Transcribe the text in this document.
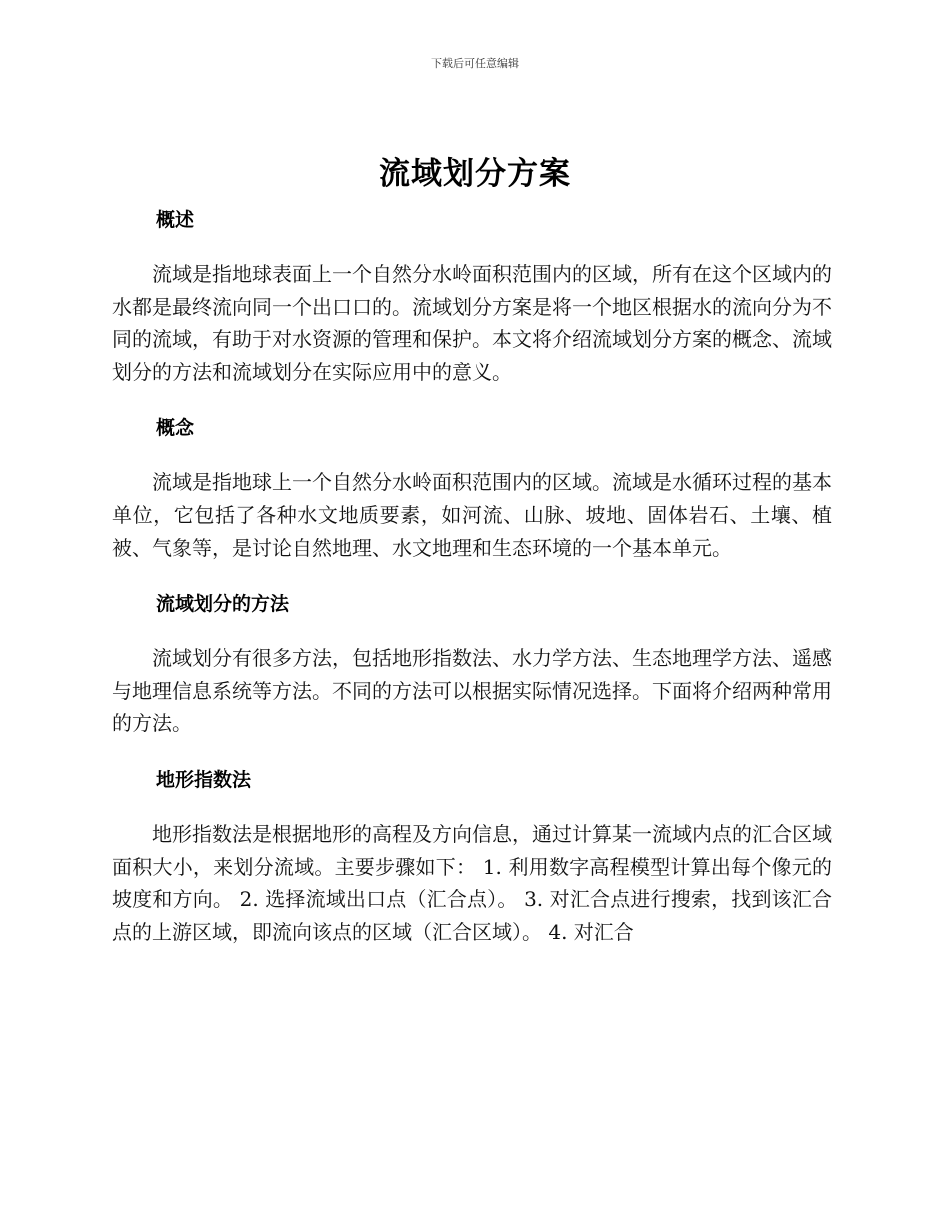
下载后可任意编辑
流域划分方案
概述

流域是指地球表面上一个自然分水岭面积范围内的区域，所有在这个区域内的水都是最终流向同一个出口口的。流域划分方案是将一个地区根据水的流向分为不同的流域，有助于对水资源的管理和保护。本文将介绍流域划分方案的概念、流域划分的方法和流域划分在实际应用中的意义。

概念

流域是指地球上一个自然分水岭面积范围内的区域。流域是水循环过程的基本单位，它包括了各种水文地质要素，如河流、山脉、坡地、固体岩石、土壤、植被、气象等，是讨论自然地理、水文地理和生态环境的一个基本单元。

流域划分的方法

流域划分有很多方法，包括地形指数法、水力学方法、生态地理学方法、遥感与地理信息系统等方法。不同的方法可以根据实际情况选择。下面将介绍两种常用的方法。

地形指数法

地形指数法是根据地形的高程及方向信息，通过计算某一流域内点的汇合区域面积大小，来划分流域。主要步骤如下： 1. 利用数字高程模型计算出每个像元的坡度和方向。 2. 选择流域出口点（汇合点）。 3. 对汇合点进行搜索，找到该汇合点的上游区域，即流向该点的区域（汇合区域）。 4. 对汇合
